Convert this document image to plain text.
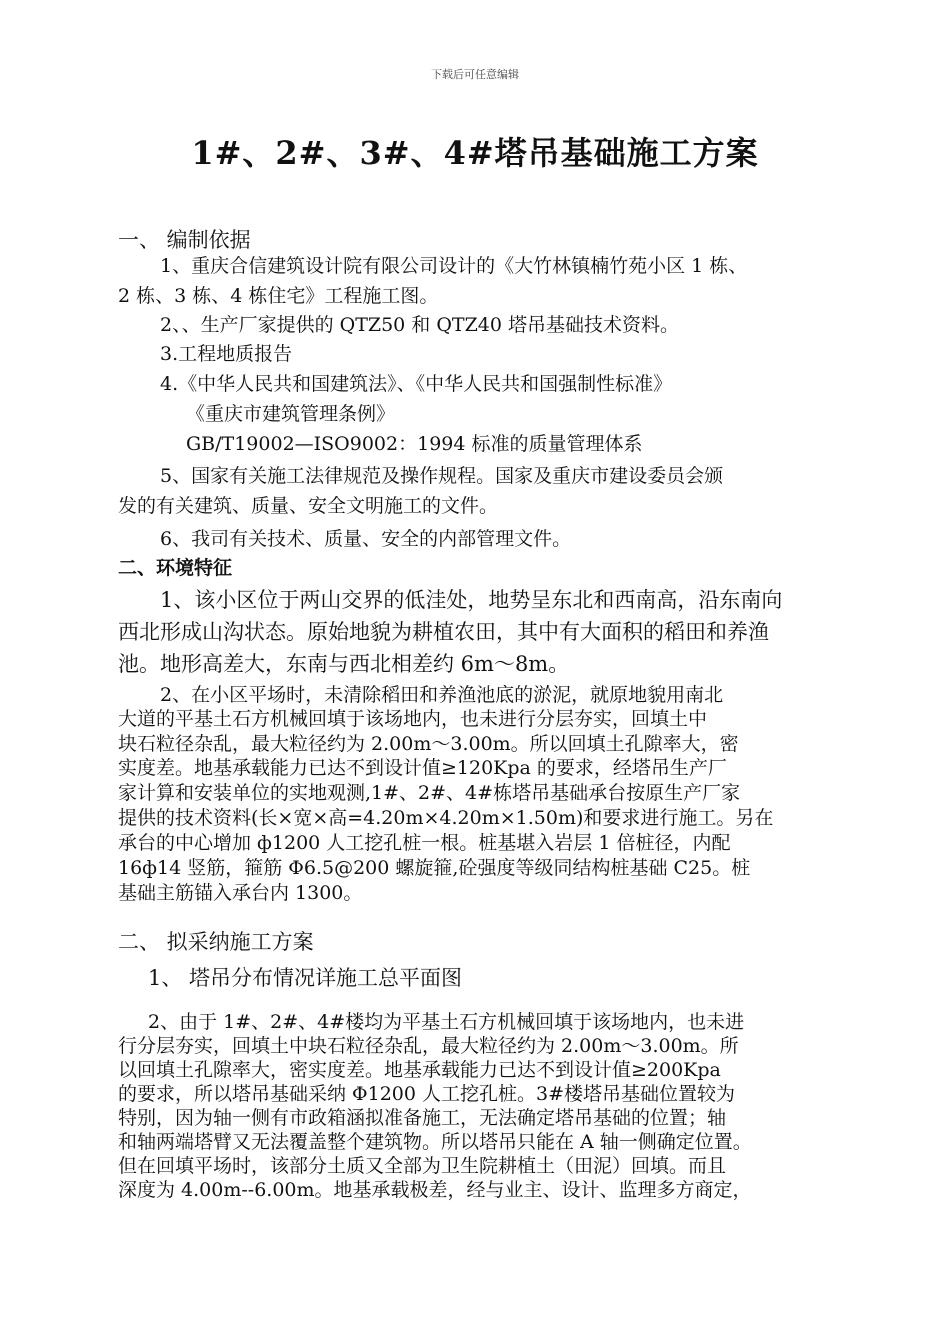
下载后可任意编辑
1#、2#、3#、4#塔吊基础施工方案
一、 编制依据
1、重庆合信建筑设计院有限公司设计的《大竹林镇楠竹苑小区 1 栋、
2 栋、3 栋、4 栋住宅》工程施工图。
2、、生产厂家提供的 QTZ50 和 QTZ40 塔吊基础技术资料。
3.工程地质报告
4.《中华人民共和国建筑法》、《中华人民共和国强制性标准》
《重庆市建筑管理条例》
GB/T19002—ISO9002：1994 标准的质量管理体系
5、国家有关施工法律规范及操作规程。国家及重庆市建设委员会颁
发的有关建筑、质量、安全文明施工的文件。
6、我司有关技术、质量、安全的内部管理文件。
二、环境特征
1、该小区位于两山交界的低洼处，地势呈东北和西南高，沿东南向
西北形成山沟状态。原始地貌为耕植农田，其中有大面积的稻田和养渔
池。地形高差大，东南与西北相差约 6m～8m。
2、在小区平场时，未清除稻田和养渔池底的淤泥，就原地貌用南北
大道的平基土石方机械回填于该场地内，也未进行分层夯实，回填土中
块石粒径杂乱，最大粒径约为 2.00m～3.00m。所以回填土孔隙率大，密
实度差。地基承载能力已达不到设计值≥120Kpa 的要求，经塔吊生产厂
家计算和安装单位的实地观测,1#、2#、4#栋塔吊基础承台按原生产厂家
提供的技术资料(长×宽×高=4.20m×4.20m×1.50m)和要求进行施工。另在
承台的中心增加 ф1200 人工挖孔桩一根。桩基堪入岩层 1 倍桩径，内配
16ф14 竖筋，箍筋 Φ6.5@200 螺旋箍,砼强度等级同结构桩基础 C25。桩
基础主筋锚入承台内 1300。
二、 拟采纳施工方案
1、 塔吊分布情况详施工总平面图
2、由于 1#、2#、4#楼均为平基土石方机械回填于该场地内，也未进
行分层夯实，回填土中块石粒径杂乱，最大粒径约为 2.00m～3.00m。所
以回填土孔隙率大，密实度差。地基承载能力已达不到设计值≥200Kpa
的要求，所以塔吊基础采纳 Φ1200 人工挖孔桩。3#楼塔吊基础位置较为
特别，因为轴一侧有市政箱涵拟准备施工，无法确定塔吊基础的位置；轴
和轴两端塔臂又无法覆盖整个建筑物。所以塔吊只能在 A 轴一侧确定位置。
但在回填平场时，该部分土质又全部为卫生院耕植土（田泥）回填。而且
深度为 4.00m--6.00m。地基承载极差，经与业主、设计、监理多方商定，
